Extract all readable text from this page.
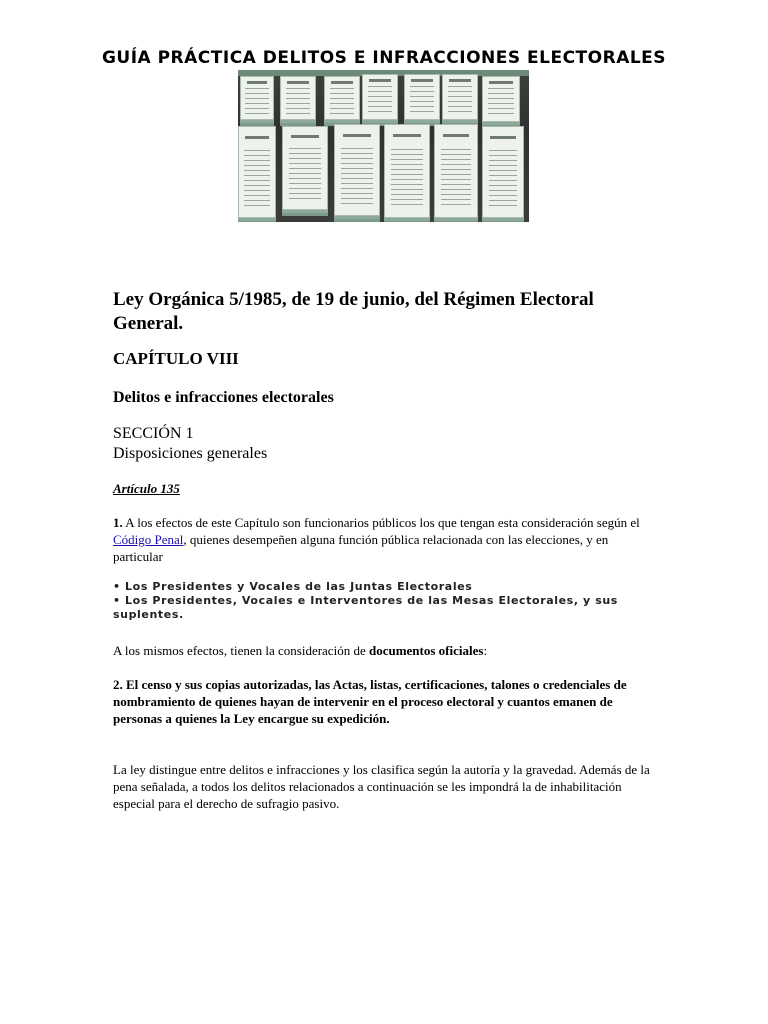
GUÍA PRÁCTICA DELITOS E INFRACCIONES ELECTORALES
Ley Orgánica 5/1985, de 19 de junio, del Régimen Electoral General.
CAPÍTULO VIII
Delitos e infracciones electorales
SECCIÓN 1
Disposiciones generales
Artículo 135

1. A los efectos de este Capítulo son funcionarios públicos los que tengan esta consideración según el Código Penal, quienes desempeñen alguna función pública relacionada con las elecciones, y en particular

• Los Presidentes y Vocales de las Juntas Electorales
• Los Presidentes, Vocales e Interventores de las Mesas Electorales, y sus suplentes.

A los mismos efectos, tienen la consideración de documentos oficiales:

2. El censo y sus copias autorizadas, las Actas, listas, certificaciones, talones o credenciales de nombramiento de quienes hayan de intervenir en el proceso electoral y cuantos emanen de personas a quienes la Ley encargue su expedición.

La ley distingue entre delitos e infracciones y los clasifica según la autoría y la gravedad. Además de la pena señalada, a todos los delitos relacionados a continuación se les impondrá la de inhabilitación especial para el derecho de sufragio pasivo.
